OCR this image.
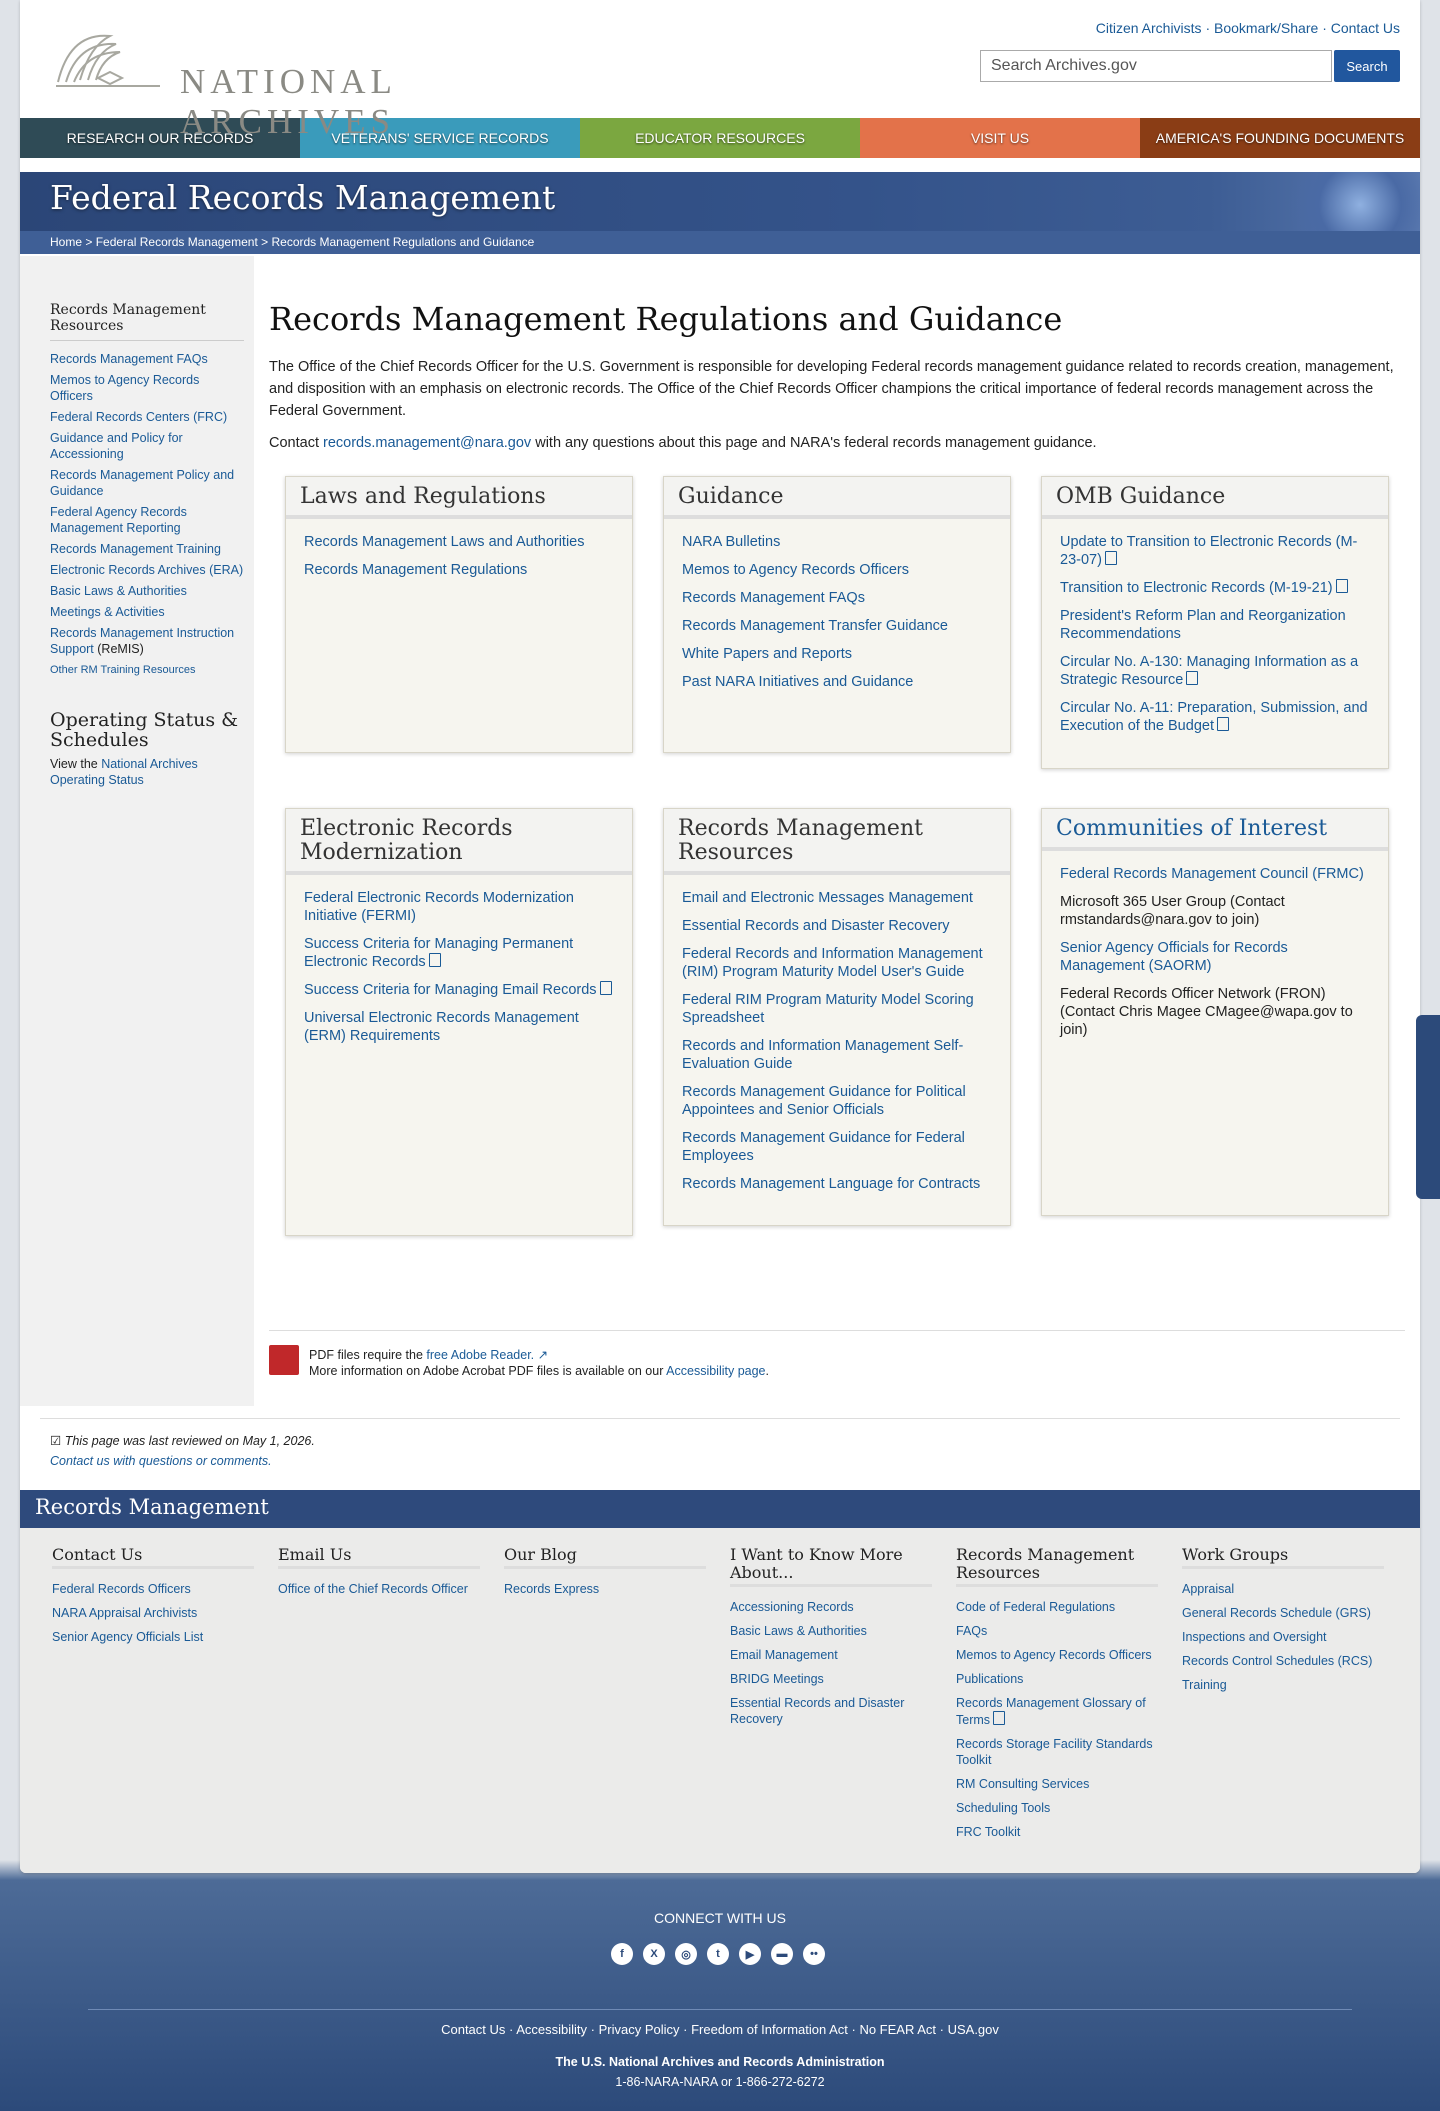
NATIONAL ARCHIVES
Citizen Archivists · Bookmark/Share · Contact Us
Search Archives.gov	Search
RESEARCH OUR RECORDS	VETERANS' SERVICE RECORDS	EDUCATOR RESOURCES	VISIT US	AMERICA'S FOUNDING DOCUMENTS
Federal Records Management
Home > Federal Records Management > Records Management Regulations and Guidance
Records Management Resources
Records Management FAQs
Memos to Agency Records Officers
Federal Records Centers (FRC)
Guidance and Policy for Accessioning
Records Management Policy and Guidance
Federal Agency Records Management Reporting
Records Management Training
Electronic Records Archives (ERA)
Basic Laws & Authorities
Meetings & Activities
Records Management Instruction Support (ReMIS)
Other RM Training Resources
Operating Status & Schedules

View the National Archives Operating Status

Records Management Regulations and Guidance

The Office of the Chief Records Officer for the U.S. Government is responsible for developing Federal records management guidance related to records creation, management, and disposition with an emphasis on electronic records. The Office of the Chief Records Officer champions the critical importance of federal records management across the Federal Government.

Contact records.management@nara.gov with any questions about this page and NARA's federal records management guidance.

Laws and Regulations
Records Management Laws and Authorities
Records Management Regulations
Guidance
NARA Bulletins
Memos to Agency Records Officers
Records Management FAQs
Records Management Transfer Guidance
White Papers and Reports
Past NARA Initiatives and Guidance
OMB Guidance
Update to Transition to Electronic Records (M-23-07)
Transition to Electronic Records (M-19-21)
President's Reform Plan and Reorganization Recommendations
Circular No. A-130: Managing Information as a Strategic Resource
Circular No. A-11: Preparation, Submission, and Execution of the Budget
Electronic Records Modernization
Federal Electronic Records Modernization Initiative (FERMI)
Success Criteria for Managing Permanent Electronic Records
Success Criteria for Managing Email Records
Universal Electronic Records Management (ERM) Requirements
Records Management Resources
Email and Electronic Messages Management
Essential Records and Disaster Recovery
Federal Records and Information Management (RIM) Program Maturity Model User's Guide
Federal RIM Program Maturity Model Scoring Spreadsheet
Records and Information Management Self-Evaluation Guide
Records Management Guidance for Political Appointees and Senior Officials
Records Management Guidance for Federal Employees
Records Management Language for Contracts
Communities of Interest
Federal Records Management Council (FRMC)
Microsoft 365 User Group (Contact rmstandards@nara.gov to join)
Senior Agency Officials for Records Management (SAORM)
Federal Records Officer Network (FRON) (Contact Chris Magee CMagee@wapa.gov to join)
PDF files require the free Adobe Reader. ↗
More information on Adobe Acrobat PDF files is available on our Accessibility page.
☑ This page was last reviewed on May 1, 2026.
Contact us with questions or comments.
Records Management
Contact Us
Federal Records Officers
NARA Appraisal Archivists
Senior Agency Officials List
Email Us
Office of the Chief Records Officer
Our Blog
Records Express
I Want to Know More About...
Accessioning Records
Basic Laws & Authorities
Email Management
BRIDG Meetings
Essential Records and Disaster Recovery
Records Management Resources
Code of Federal Regulations
FAQs
Memos to Agency Records Officers
Publications
Records Management Glossary of Terms
Records Storage Facility Standards Toolkit
RM Consulting Services
Scheduling Tools
FRC Toolkit
Work Groups
Appraisal
General Records Schedule (GRS)
Inspections and Oversight
Records Control Schedules (RCS)
Training
CONNECT WITH US
f	X	◎	t	▶	▬	••
Contact Us · Accessibility · Privacy Policy · Freedom of Information Act · No FEAR Act · USA.gov
The U.S. National Archives and Records Administration
1-86-NARA-NARA or 1-866-272-6272
